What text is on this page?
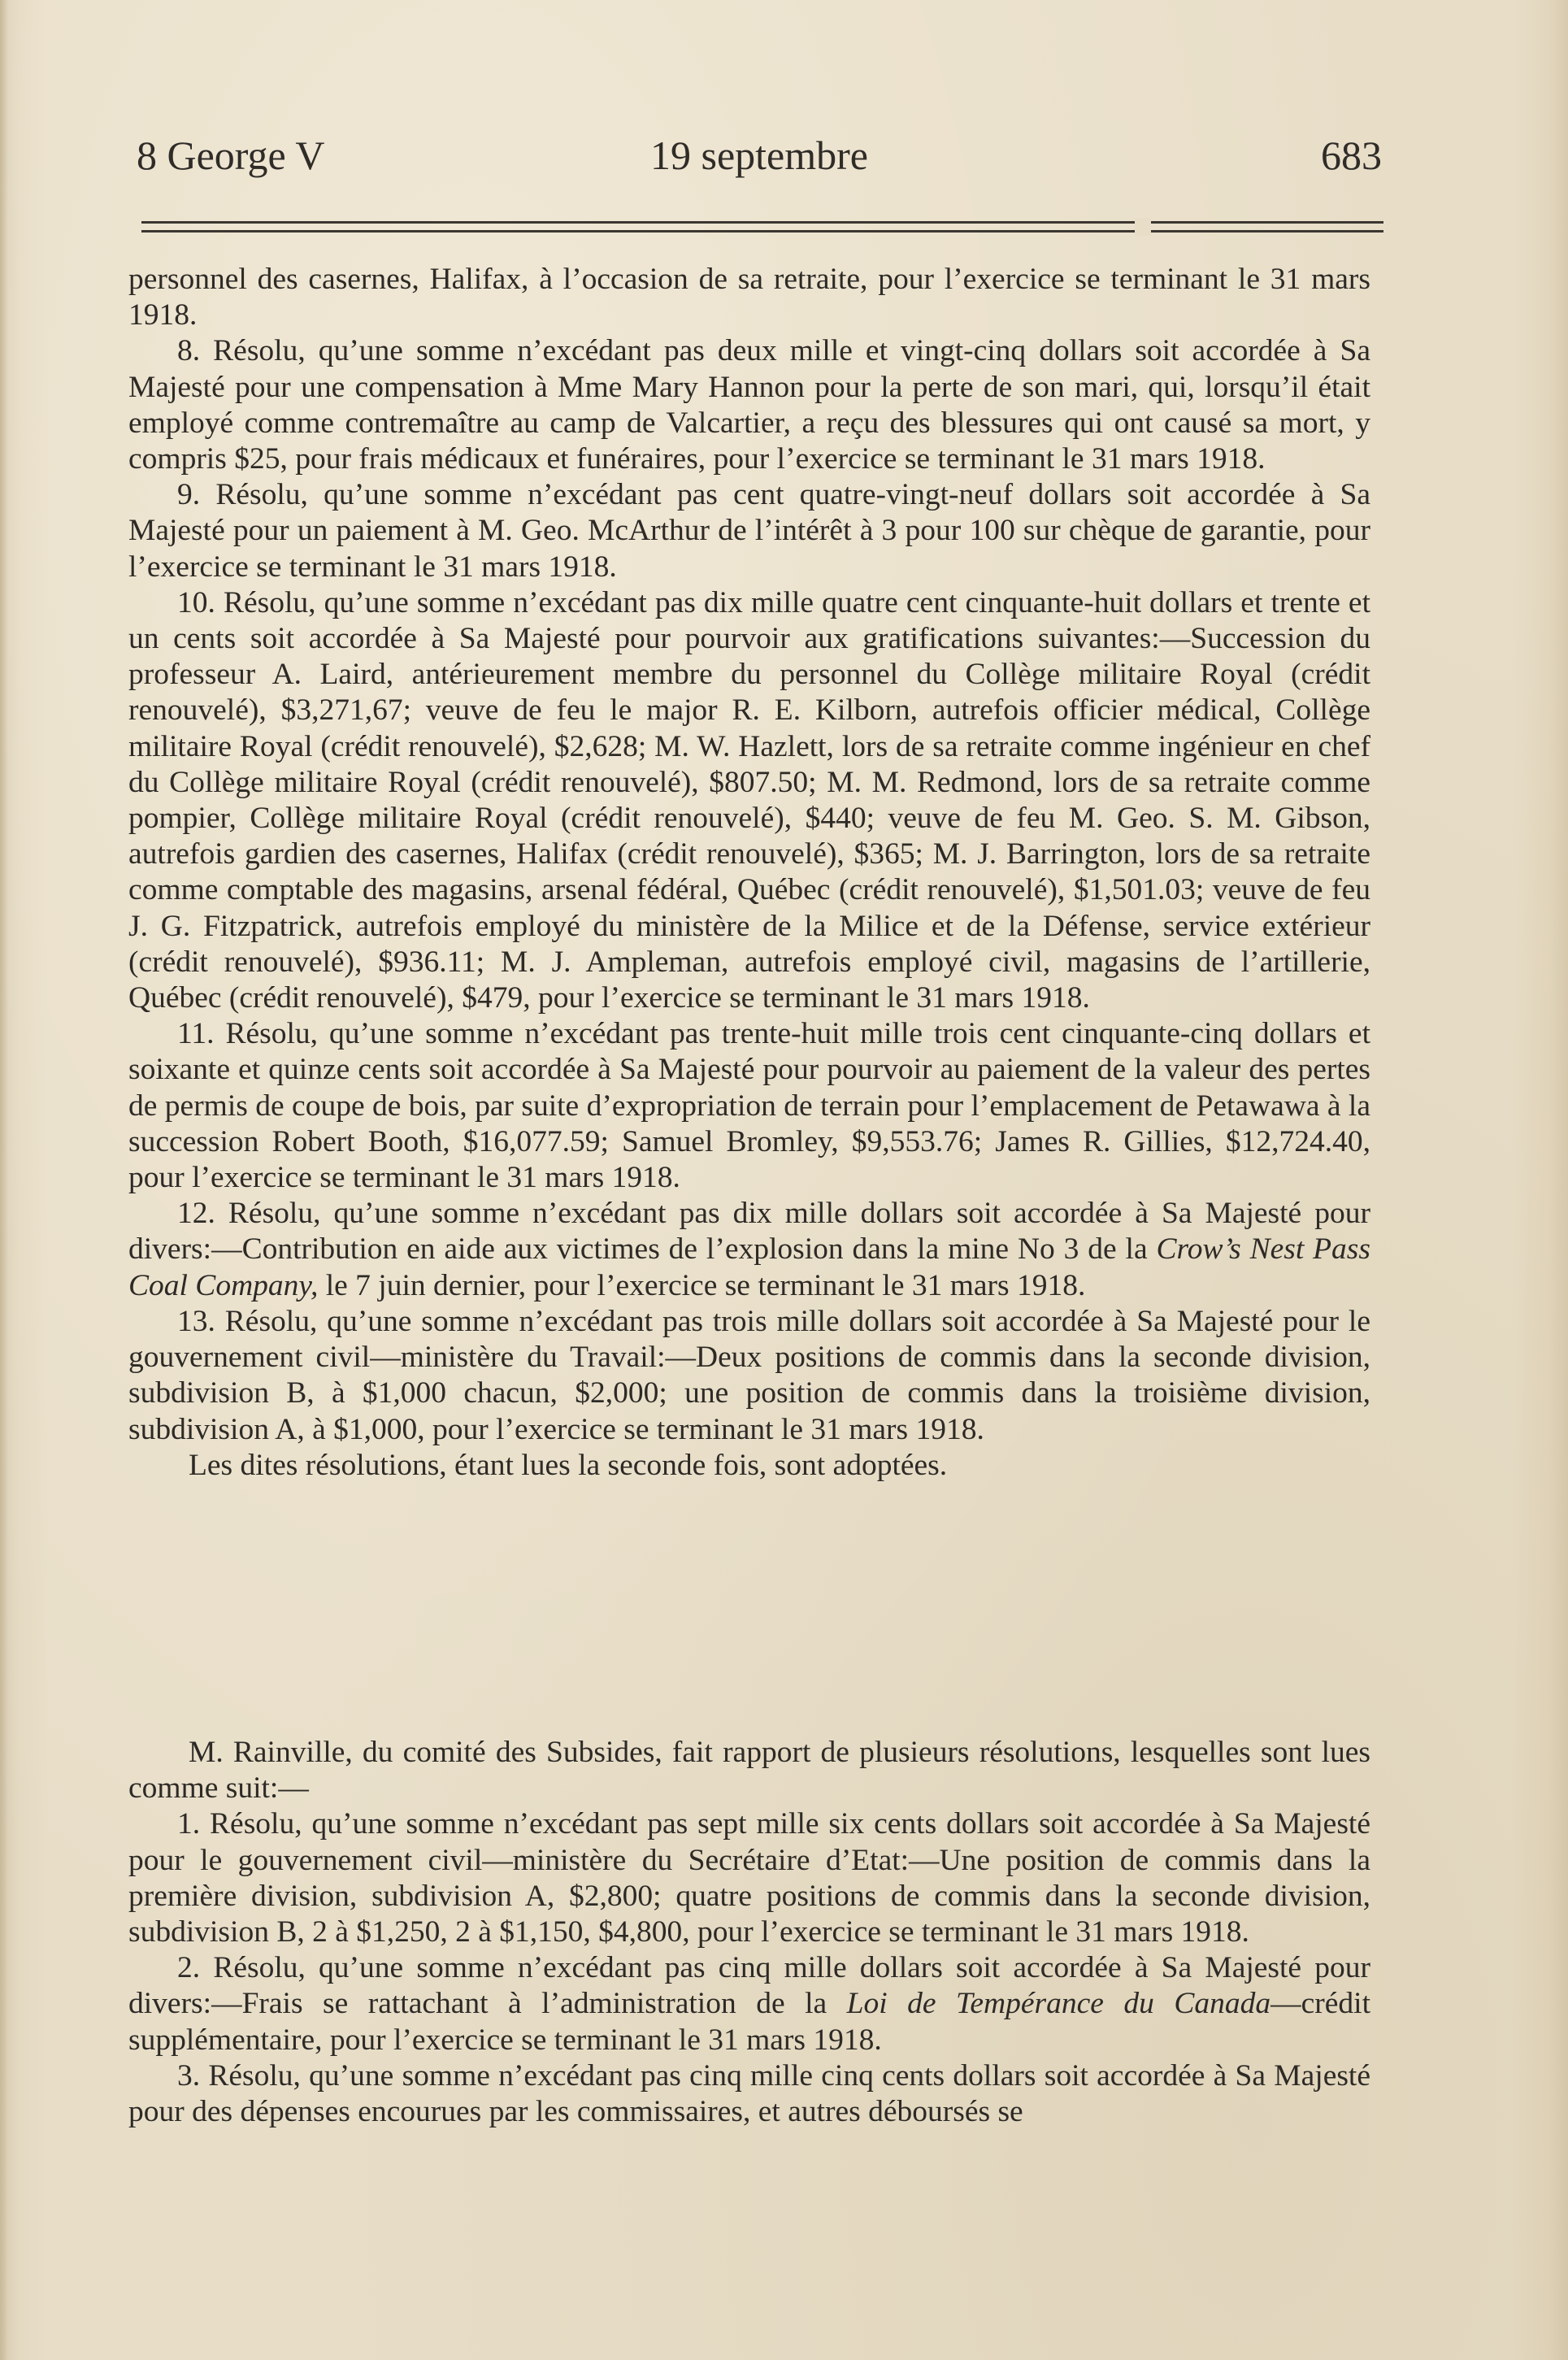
8 George V	19 septembre	683

personnel des casernes, Halifax, à l’occasion de sa retraite, pour l’exercice se terminant le 31 mars 1918.

8. Résolu, qu’une somme n’excédant pas deux mille et vingt-cinq dollars soit accordée à Sa Majesté pour une compensation à Mme Mary Hannon pour la perte de son mari, qui, lorsqu’il était employé comme contremaître au camp de Valcartier, a reçu des blessures qui ont causé sa mort, y compris $25, pour frais médicaux et funéraires, pour l’exercice se terminant le 31 mars 1918.

9. Résolu, qu’une somme n’excédant pas cent quatre-vingt-neuf dollars soit accordée à Sa Majesté pour un paiement à M. Geo. McArthur de l’intérêt à 3 pour 100 sur chèque de garantie, pour l’exercice se terminant le 31 mars 1918.

10. Résolu, qu’une somme n’excédant pas dix mille quatre cent cinquante-huit dollars et trente et un cents soit accordée à Sa Majesté pour pourvoir aux gratifications suivantes:—Succession du professeur A. Laird, antérieurement membre du personnel du Collège militaire Royal (crédit renouvelé), $3,271,67; veuve de feu le major R. E. Kilborn, autrefois officier médical, Collège militaire Royal (crédit renouvelé), $2,628; M. W. Hazlett, lors de sa retraite comme ingénieur en chef du Collège militaire Royal (crédit renouvelé), $807.50; M. M. Redmond, lors de sa retraite comme pompier, Collège militaire Royal (crédit renouvelé), $440; veuve de feu M. Geo. S. M. Gibson, autrefois gardien des casernes, Halifax (crédit renouvelé), $365; M. J. Barrington, lors de sa retraite comme comptable des magasins, arsenal fédéral, Québec (crédit renouvelé), $1,501.03; veuve de feu J. G. Fitzpatrick, autrefois employé du ministère de la Milice et de la Défense, service extérieur (crédit renouvelé), $936.11; M. J. Ampleman, autrefois employé civil, magasins de l’artillerie, Québec (crédit renouvelé), $479, pour l’exercice se terminant le 31 mars 1918.

11. Résolu, qu’une somme n’excédant pas trente-huit mille trois cent cinquante-cinq dollars et soixante et quinze cents soit accordée à Sa Majesté pour pourvoir au paiement de la valeur des pertes de permis de coupe de bois, par suite d’expropriation de terrain pour l’emplacement de Petawawa à la succession Robert Booth, $16,077.59; Samuel Bromley, $9,553.76; James R. Gillies, $12,724.40, pour l’exercice se terminant le 31 mars 1918.

12. Résolu, qu’une somme n’excédant pas dix mille dollars soit accordée à Sa Majesté pour divers:—Contribution en aide aux victimes de l’explosion dans la mine No 3 de la Crow’s Nest Pass Coal Company, le 7 juin dernier, pour l’exercice se terminant le 31 mars 1918.

13. Résolu, qu’une somme n’excédant pas trois mille dollars soit accordée à Sa Majesté pour le gouvernement civil—ministère du Travail:—Deux positions de commis dans la seconde division, subdivision B, à $1,000 chacun, $2,000; une position de commis dans la troisième division, subdivision A, à $1,000, pour l’exercice se terminant le 31 mars 1918.

Les dites résolutions, étant lues la seconde fois, sont adoptées.

M. Rainville, du comité des Subsides, fait rapport de plusieurs résolutions, lesquelles sont lues comme suit:—

1. Résolu, qu’une somme n’excédant pas sept mille six cents dollars soit accordée à Sa Majesté pour le gouvernement civil—ministère du Secrétaire d’Etat:—Une position de commis dans la première division, subdivision A, $2,800; quatre positions de commis dans la seconde division, subdivision B, 2 à $1,250, 2 à $1,150, $4,800, pour l’exercice se terminant le 31 mars 1918.

2. Résolu, qu’une somme n’excédant pas cinq mille dollars soit accordée à Sa Majesté pour divers:—Frais se rattachant à l’administration de la Loi de Tempérance du Canada—crédit supplémentaire, pour l’exercice se terminant le 31 mars 1918.

3. Résolu, qu’une somme n’excédant pas cinq mille cinq cents dollars soit accordée à Sa Majesté pour des dépenses encourues par les commissaires, et autres déboursés se
